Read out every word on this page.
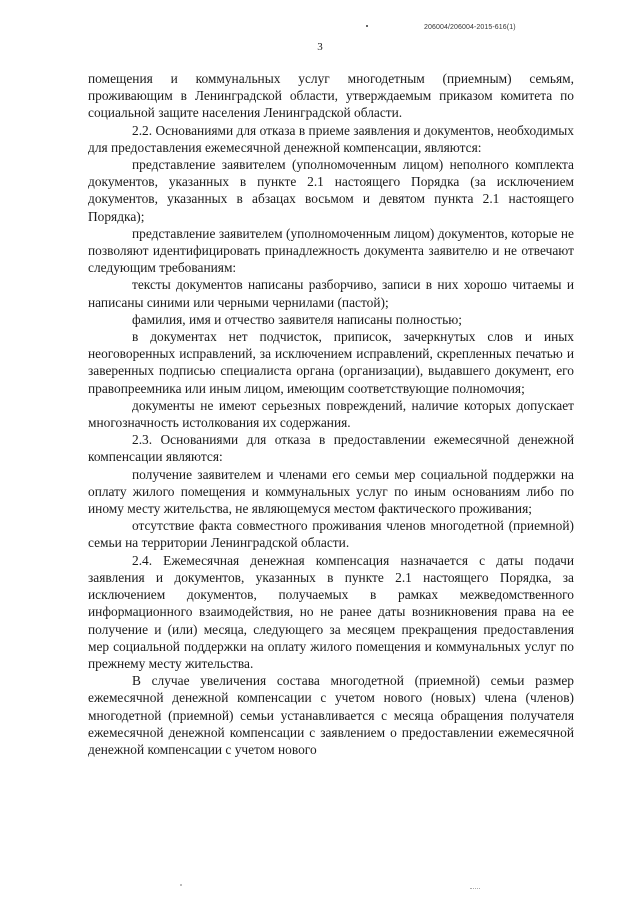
206004/206004-2015-616(1)
3

помещения и коммунальных услуг многодетным (приемным) семьям, проживающим в Ленинградской области, утверждаемым приказом комитета по социальной защите населения Ленинградской области.

2.2. Основаниями для отказа в приеме заявления и документов, необходимых для предоставления ежемесячной денежной компенсации, являются:

представление заявителем (уполномоченным лицом) неполного комплекта документов, указанных в пункте 2.1 настоящего Порядка (за исключением документов, указанных в абзацах восьмом и девятом пункта 2.1 настоящего Порядка);

представление заявителем (уполномоченным лицом) документов, которые не позволяют идентифицировать принадлежность документа заявителю и не отвечают следующим требованиям:

тексты документов написаны разборчиво, записи в них хорошо читаемы и написаны синими или черными чернилами (пастой);

фамилия, имя и отчество заявителя написаны полностью;

в документах нет подчисток, приписок, зачеркнутых слов и иных неоговоренных исправлений, за исключением исправлений, скрепленных печатью и заверенных подписью специалиста органа (организации), выдавшего документ, его правопреемника или иным лицом, имеющим соответствующие полномочия;

документы не имеют серьезных повреждений, наличие которых допускает многозначность истолкования их содержания.

2.3. Основаниями для отказа в предоставлении ежемесячной денежной компенсации являются:

получение заявителем и членами его семьи мер социальной поддержки на оплату жилого помещения и коммунальных услуг по иным основаниям либо по иному месту жительства, не являющемуся местом фактического проживания;

отсутствие факта совместного проживания членов многодетной (приемной) семьи на территории Ленинградской области.

2.4. Ежемесячная денежная компенсация назначается с даты подачи заявления и документов, указанных в пункте 2.1 настоящего Порядка, за исключением документов, получаемых в рамках межведомственного информационного взаимодействия, но не ранее даты возникновения права на ее получение и (или) месяца, следующего за месяцем прекращения предоставления мер социальной поддержки на оплату жилого помещения и коммунальных услуг по прежнему месту жительства.

В случае увеличения состава многодетной (приемной) семьи размер ежемесячной денежной компенсации с учетом нового (новых) члена (членов) многодетной (приемной) семьи устанавливается с месяца обращения получателя ежемесячной денежной компенсации с заявлением о предоставлении ежемесячной денежной компенсации с учетом нового
